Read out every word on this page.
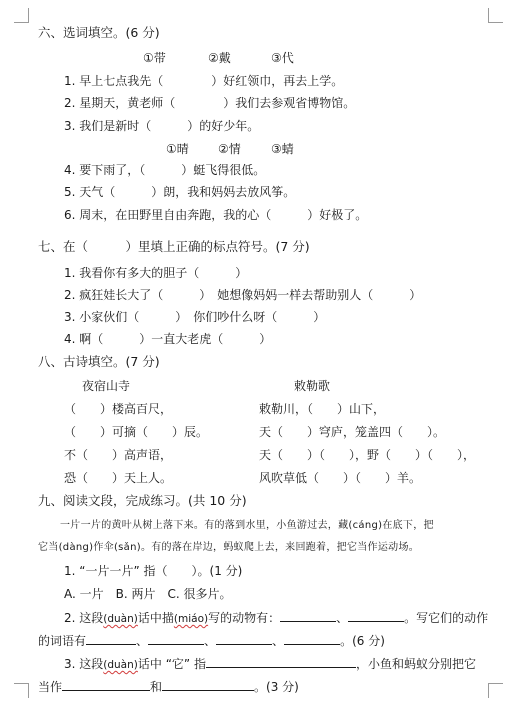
六、选词填空。(6 分)
①带	②戴	③代
1. 早上七点我先（　　　　）好红领巾，再去上学。
2. 星期天，黄老师（　　　　）我们去参观省博物馆。
3. 我们是新时（　　　）的好少年。
①晴 ②情	③蜻
4. 要下雨了，（　　　）蜓飞得很低。
5. 天气（　　　）朗，我和妈妈去放风筝。
6. 周末，在田野里自由奔跑，我的心（　　　）好极了。
七、在（　　　）里填上正确的标点符号。(7 分)
1. 我看你有多大的胆子（　　　）
2. 疯狂娃长大了（　　　）　她想像妈妈一样去帮助别人（　　　）
3. 小家伙们（　　　）　你们吵什么呀（　　　）
4. 啊（　　　）一直大老虎（　　　）
八、古诗填空。(7 分)
夜宿山寺	敕勒歌
（　　）楼高百尺，
（　　）可摘（　　）辰。
不（　　）高声语，
恐（　　）天上人。
敕勒川，（　　）山下，
天（　　）穹庐，笼盖四（　　）。
天（　　）（　　），野（　　）（　　），
风吹草低（　　）（　　）羊。
九、阅读文段，完成练习。(共 10 分)
一片一片的黄叶从树上落下来。有的落到水里，小鱼游过去，藏(cáng)在底下，把
它当(dàng)作伞(sǎn)。有的落在岸边，蚂蚁爬上去，来回跑着，把它当作运动场。
1. “一片一片” 指（　　）。(1 分)
A. 一片　B. 两片　C. 很多片。
2. 这段(duàn)话中描(miáo)写的动物有：	、	。写它们的动作
的词语有	、	、	、	。(6 分)
3. 这段(duàn)话中 “它” 指	，小鱼和蚂蚁分别把它
当作	和	。(3 分)
